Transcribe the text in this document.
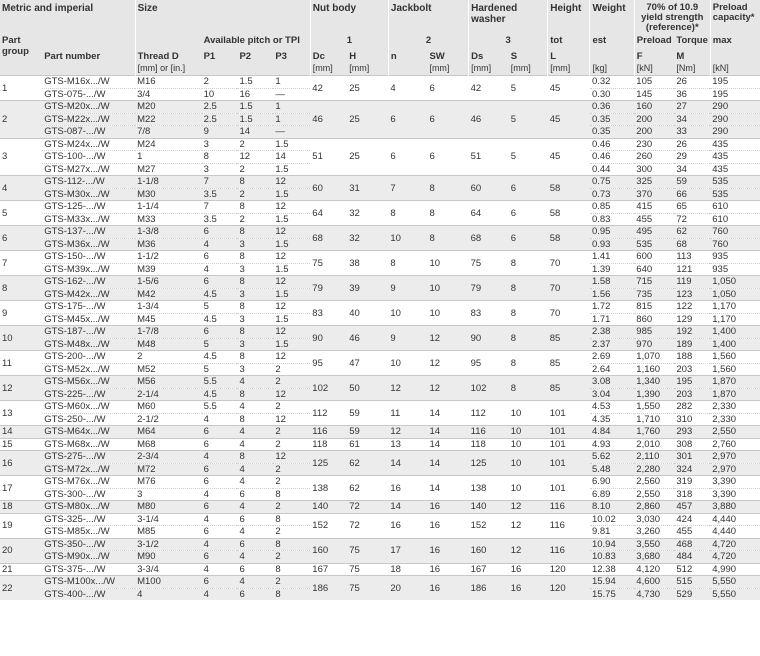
Metric and imperial		Size				Nut body		Jackbolt		Hardened washer		Height	Weight	70% of 10.9 yield strength (reference)*		Preload capacity*
Part group			Available pitch or TPI			1		2		3		tot	est	Preload	Torque	max
	Part number	Thread D	P1	P2	P3	Dc	H	n	SW	Ds	S	L		F	M	
		[mm] or [in.]				[mm]	[mm]		[mm]	[mm]	[mm]	[mm]	[kg]	[kN]	[Nm]	[kN]
1	GTS-M16x.../W	M16	2	1.5	1	42	25	4	6	42	5	45	0.32	105	26	195
	GTS-075-.../W	3/4	10	16	—								0.30	145	36	195
2	GTS-M20x.../W	M20	2.5	1.5	1	46	25	6	6	46	5	45	0.36	160	27	290
	GTS-M22x.../W	M22	2.5	1.5	1								0.35	200	34	290
	GTS-087-.../W	7/8	9	14	—								0.35	200	33	290
3	GTS-M24x.../W	M24	3	2	1.5	51	25	6	6	51	5	45	0.46	230	26	435
	GTS-100-.../W	1	8	12	14								0.46	260	29	435
	GTS-M27x.../W	M27	3	2	1.5								0.44	300	34	435
4	GTS-112-.../W	1-1/8	7	8	12	60	31	7	8	60	6	58	0.75	325	59	535
	GTS-M30x.../W	M30	3.5	2	1.5								0.73	370	66	535
5	GTS-125-.../W	1-1/4	7	8	12	64	32	8	8	64	6	58	0.85	415	65	610
	GTS-M33x.../W	M33	3.5	2	1.5								0.83	455	72	610
6	GTS-137-.../W	1-3/8	6	8	12	68	32	10	8	68	6	58	0.95	495	62	760
	GTS-M36x.../W	M36	4	3	1.5								0.93	535	68	760
7	GTS-150-.../W	1-1/2	6	8	12	75	38	8	10	75	8	70	1.41	600	113	935
	GTS-M39x.../W	M39	4	3	1.5								1.39	640	121	935
8	GTS-162-.../W	1-5/6	6	8	12	79	39	9	10	79	8	70	1.58	715	119	1,050
	GTS-M42x.../W	M42	4.5	3	1.5								1.56	735	123	1,050
9	GTS-175-.../W	1-3/4	5	8	12	83	40	10	10	83	8	70	1.72	815	122	1,170
	GTS-M45x.../W	M45	4.5	3	1.5								1.71	860	129	1,170
10	GTS-187-.../W	1-7/8	6	8	12	90	46	9	12	90	8	85	2.38	985	192	1,400
	GTS-M48x.../W	M48	5	3	1.5								2.37	970	189	1,400
11	GTS-200-.../W	2	4.5	8	12	95	47	10	12	95	8	85	2.69	1,070	188	1,560
	GTS-M52x.../W	M52	5	3	2								2.64	1,160	203	1,560
12	GTS-M56x.../W	M56	5.5	4	2	102	50	12	12	102	8	85	3.08	1,340	195	1,870
	GTS-225-.../W	2-1/4	4.5	8	12								3.04	1,390	203	1,870
13	GTS-M60x.../W	M60	5.5	4	2	112	59	11	14	112	10	101	4.53	1,550	282	2,330
	GTS-250-.../W	2-1/2	4	8	12								4.35	1,710	310	2,330
14	GTS-M64x.../W	M64	6	4	2	116	59	12	14	116	10	101	4.84	1,760	293	2,550
15	GTS-M68x.../W	M68	6	4	2	118	61	13	14	118	10	101	4.93	2,010	308	2,760
16	GTS-275-.../W	2-3/4	4	8	12	125	62	14	14	125	10	101	5.62	2,110	301	2,970
	GTS-M72x.../W	M72	6	4	2								5.48	2,280	324	2,970
17	GTS-M76x.../W	M76	6	4	2	138	62	16	14	138	10	101	6.90	2,560	319	3,390
	GTS-300-.../W	3	4	6	8								6.89	2,550	318	3,390
18	GTS-M80x.../W	M80	6	4	2	140	72	14	16	140	12	116	8.10	2,860	457	3,880
19	GTS-325-.../W	3-1/4	4	6	8	152	72	16	16	152	12	116	10.02	3,030	424	4,440
	GTS-M85x.../W	M85	6	4	2								9.81	3,260	455	4,440
20	GTS-350-.../W	3-1/2	4	6	8	160	75	17	16	160	12	116	10.94	3,550	468	4,720
	GTS-M90x.../W	M90	6	4	2								10.83	3,680	484	4,720
21	GTS-375-.../W	3-3/4	4	6	8	167	75	18	16	167	16	120	12.38	4,120	512	4,990
22	GTS-M100x.../W	M100	6	4	2	186	75	20	16	186	16	120	15.94	4,600	515	5,550
	GTS-400-.../W	4	4	6	8								15.75	4,730	529	5,550
